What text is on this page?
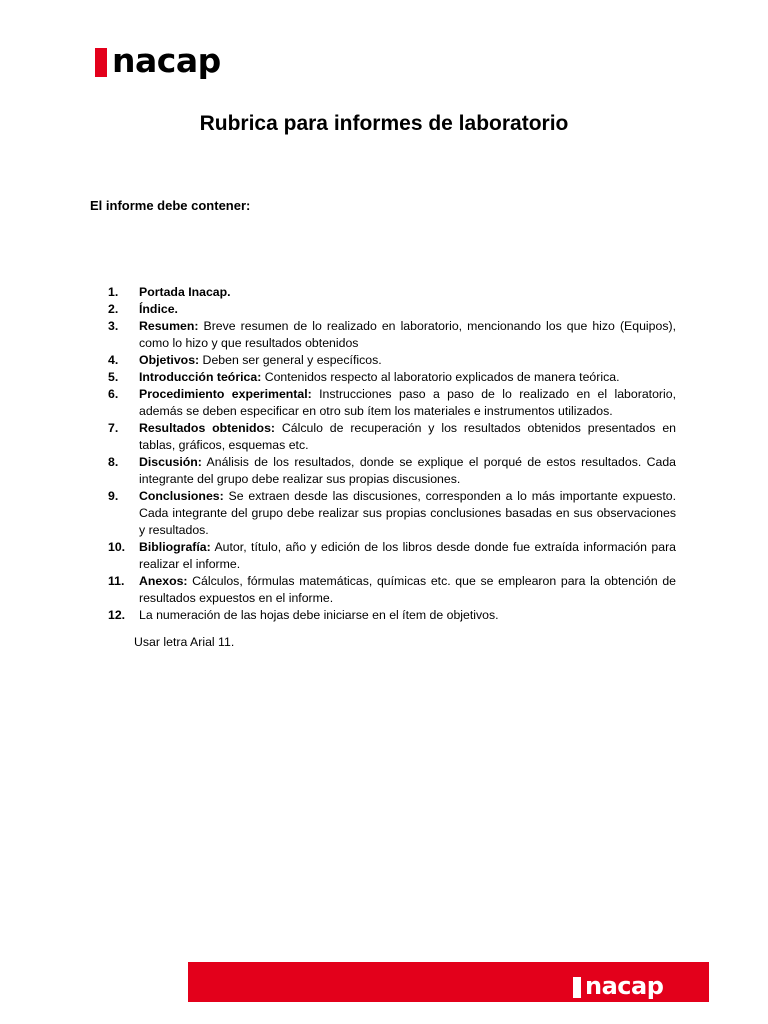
nacap
Rubrica para informes de laboratorio
El informe debe contener:
1.	Portada Inacap.
2.	Índice.
3.	Resumen: Breve resumen de lo realizado en laboratorio, mencionando los que hizo (Equipos), como lo hizo y que resultados obtenidos
4.	Objetivos: Deben ser general y específicos.
5.	Introducción teórica: Contenidos respecto al laboratorio explicados de manera teórica.
6.	Procedimiento experimental: Instrucciones paso a paso de lo realizado en el laboratorio, además se deben especificar en otro sub ítem los materiales e instrumentos utilizados.
7.	Resultados obtenidos: Cálculo de recuperación y los resultados obtenidos presentados en tablas, gráficos, esquemas etc.
8.	Discusión: Análisis de los resultados, donde se explique el porqué de estos resultados. Cada integrante del grupo debe realizar sus propias discusiones.
9.	Conclusiones: Se extraen desde las discusiones, corresponden a lo más importante expuesto. Cada integrante del grupo debe realizar sus propias conclusiones basadas en sus observaciones y resultados.
10.	Bibliografía: Autor, título, año y edición de los libros desde donde fue extraída información para realizar el informe.
11.	Anexos: Cálculos, fórmulas matemáticas, químicas etc. que se emplearon para la obtención de resultados expuestos en el informe.
12.	La numeración de las hojas debe iniciarse en el ítem de objetivos.
Usar letra Arial 11.
nacap
